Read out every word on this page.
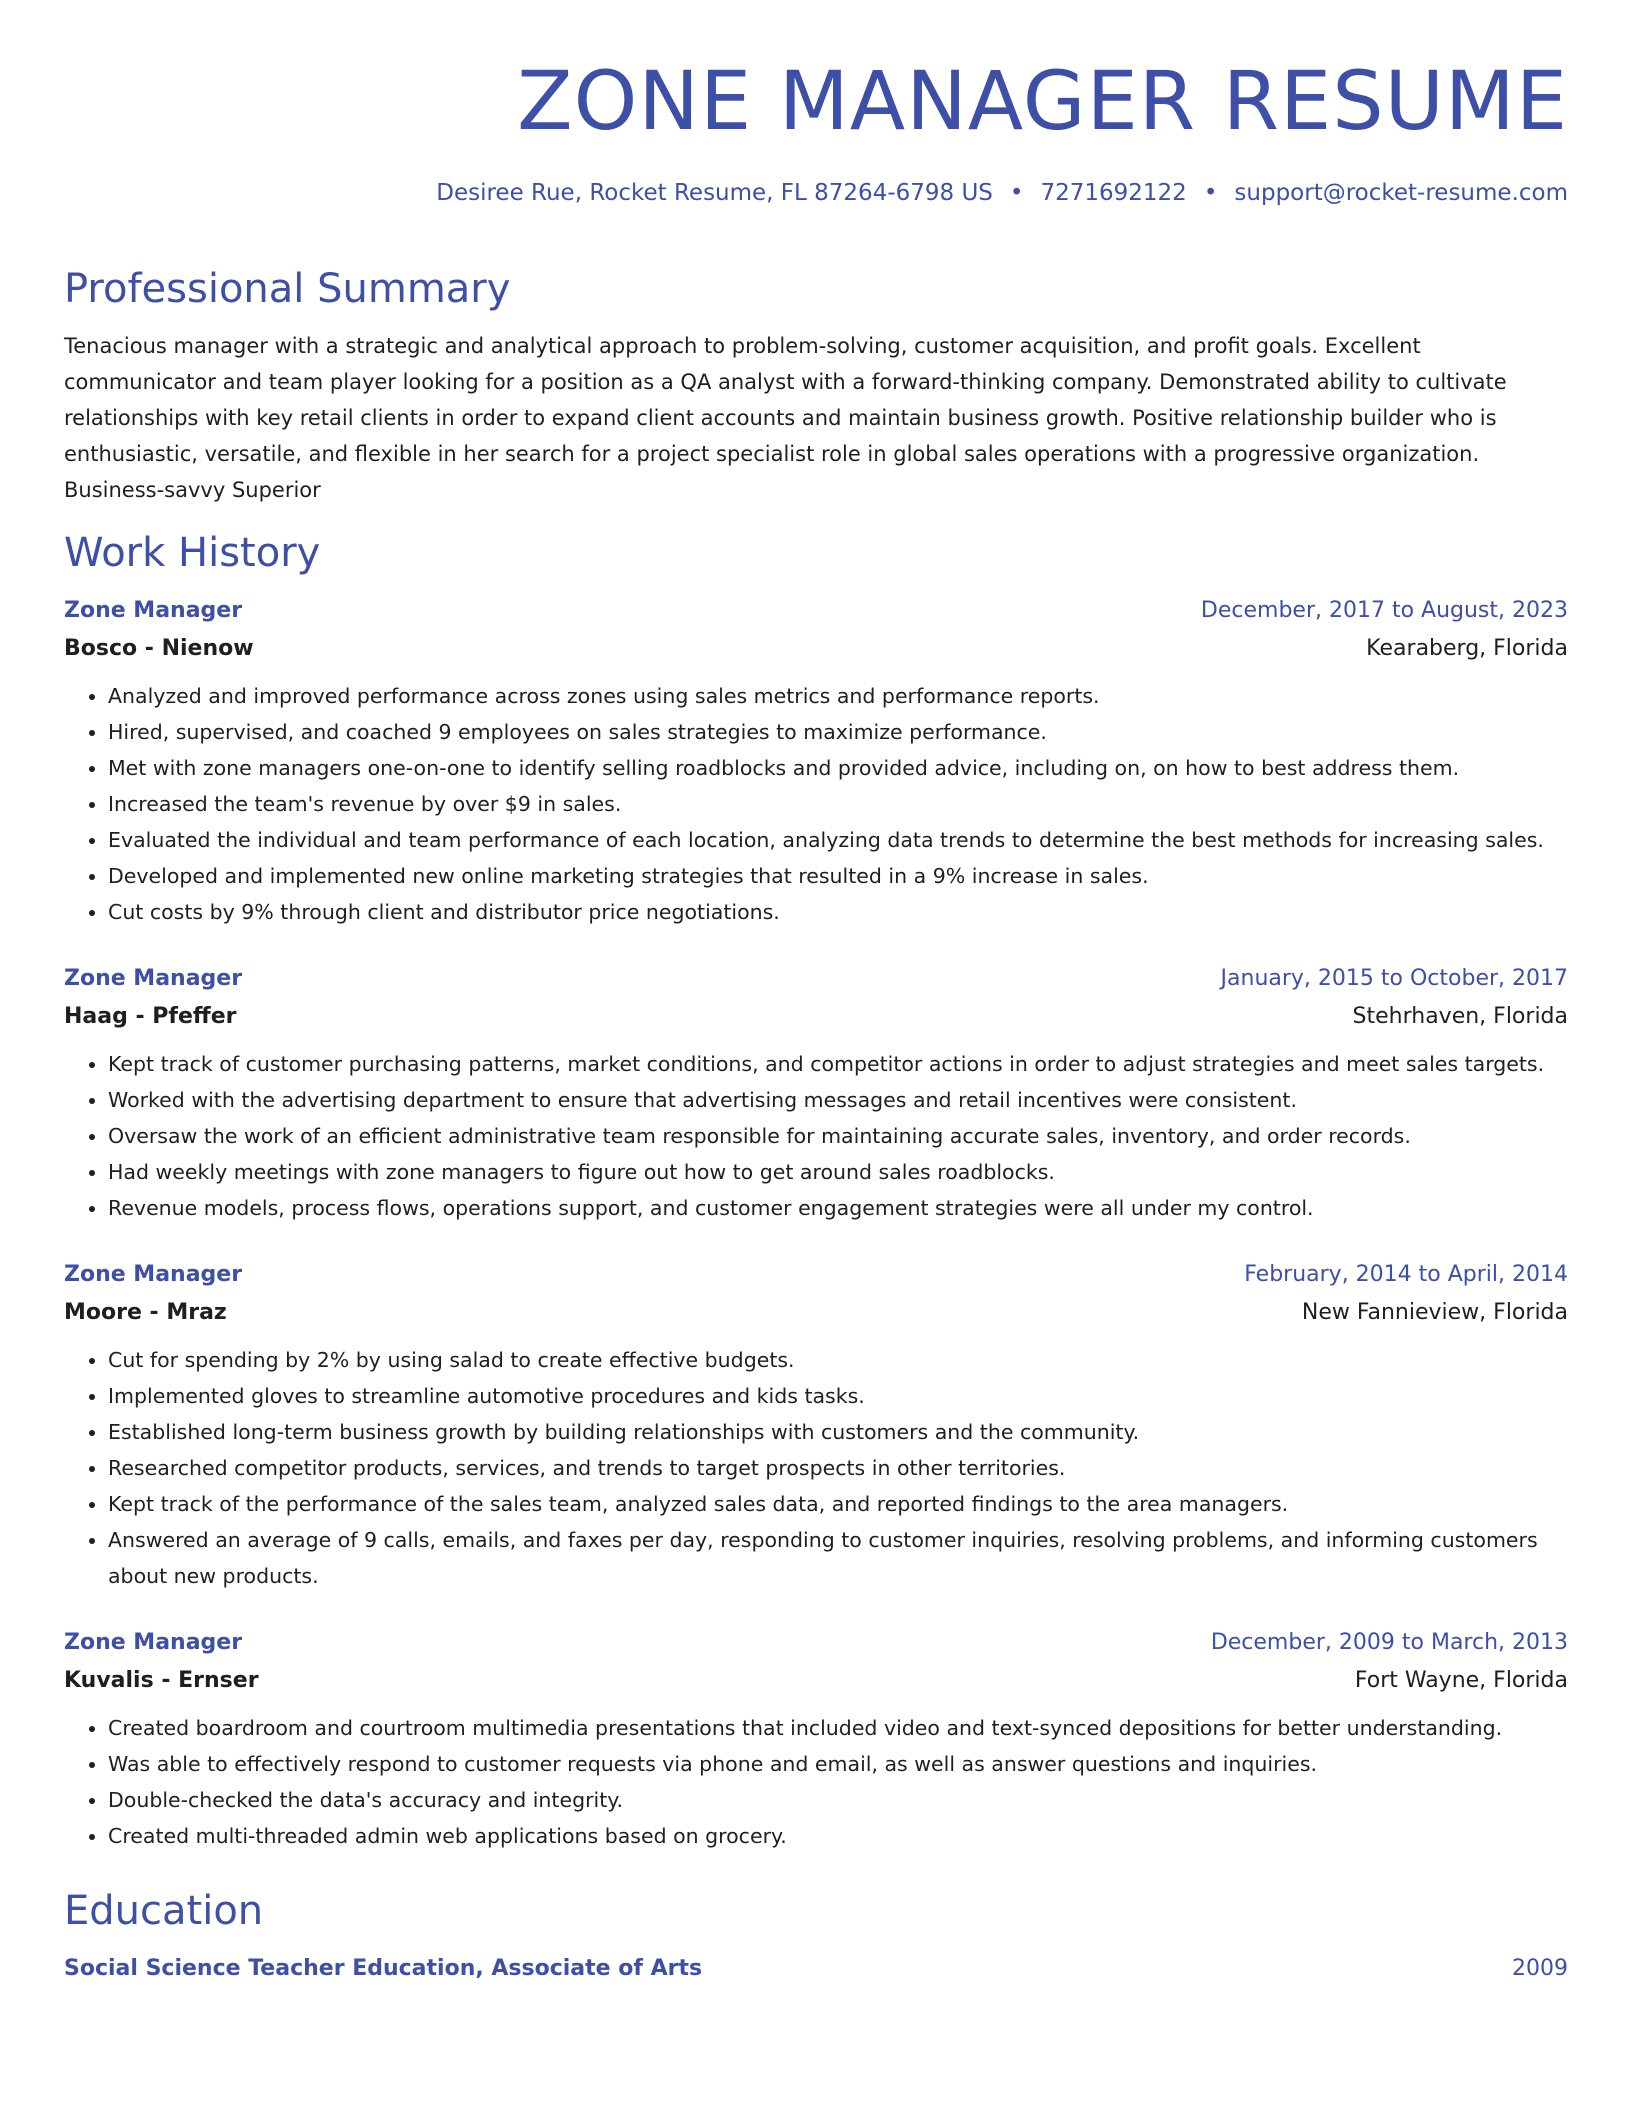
ZONE MANAGER RESUME
Desiree Rue, Rocket Resume, FL 87264-6798 US • 7271692122 • support@rocket-resume.com
Professional Summary

Tenacious manager with a strategic and analytical approach to problem-solving, customer acquisition, and profit goals. Excellent communicator and team player looking for a position as a QA analyst with a forward-thinking company. Demonstrated ability to cultivate relationships with key retail clients in order to expand client accounts and maintain business growth. Positive relationship builder who is enthusiastic, versatile, and flexible in her search for a project specialist role in global sales operations with a progressive organization. Business-savvy Superior

Work History
Zone Manager	December, 2017 to August, 2023
Bosco - Nienow	Kearaberg, Florida
• Analyzed and improved performance across zones using sales metrics and performance reports.
• Hired, supervised, and coached 9 employees on sales strategies to maximize performance.
• Met with zone managers one-on-one to identify selling roadblocks and provided advice, including on, on how to best address them.
• Increased the team's revenue by over $9 in sales.
• Evaluated the individual and team performance of each location, analyzing data trends to determine the best methods for increasing sales.
• Developed and implemented new online marketing strategies that resulted in a 9% increase in sales.
• Cut costs by 9% through client and distributor price negotiations.
Zone Manager	January, 2015 to October, 2017
Haag - Pfeffer	Stehrhaven, Florida
• Kept track of customer purchasing patterns, market conditions, and competitor actions in order to adjust strategies and meet sales targets.
• Worked with the advertising department to ensure that advertising messages and retail incentives were consistent.
• Oversaw the work of an efficient administrative team responsible for maintaining accurate sales, inventory, and order records.
• Had weekly meetings with zone managers to figure out how to get around sales roadblocks.
• Revenue models, process flows, operations support, and customer engagement strategies were all under my control.
Zone Manager	February, 2014 to April, 2014
Moore - Mraz	New Fannieview, Florida
• Cut for spending by 2% by using salad to create effective budgets.
• Implemented gloves to streamline automotive procedures and kids tasks.
• Established long-term business growth by building relationships with customers and the community.
• Researched competitor products, services, and trends to target prospects in other territories.
• Kept track of the performance of the sales team, analyzed sales data, and reported findings to the area managers.
• Answered an average of 9 calls, emails, and faxes per day, responding to customer inquiries, resolving problems, and informing customers about new products.
Zone Manager	December, 2009 to March, 2013
Kuvalis - Ernser	Fort Wayne, Florida
• Created boardroom and courtroom multimedia presentations that included video and text-synced depositions for better understanding.
• Was able to effectively respond to customer requests via phone and email, as well as answer questions and inquiries.
• Double-checked the data's accuracy and integrity.
• Created multi-threaded admin web applications based on grocery.
Education
Social Science Teacher Education, Associate of Arts	2009
